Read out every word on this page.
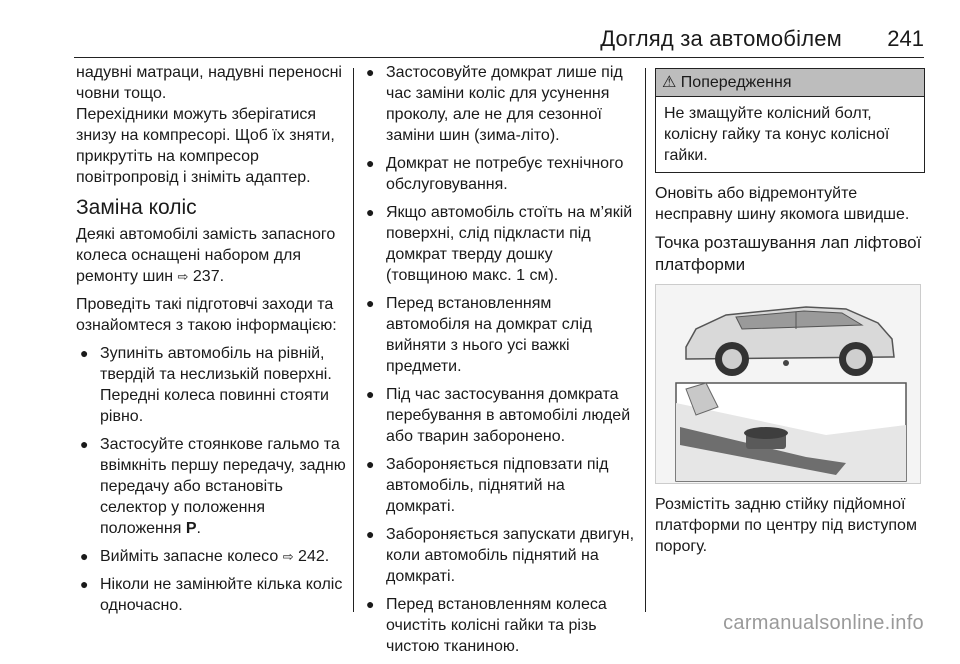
Догляд за автомобілем 241

надувні матраци, надувні переносні човни тощо.

Перехідники можуть зберігатися знизу на компресорі. Щоб їх зняти, прикрутіть на компресор повітропровід і зніміть адаптер.

Заміна коліс

Деякі автомобілі замість запасного колеса оснащені набором для ремонту шин ⇨ 237.

Проведіть такі підготовчі заходи та ознайомтеся з такою інформацією:

● Зупиніть автомобіль на рівній, твердій та неслизькій поверхні. Передні колеса повинні стояти рівно.
● Застосуйте стоянкове гальмо та ввімкніть першу передачу, задню передачу або встановіть селектор у положення положення P.
● Вийміть запасне колесо ⇨ 242.
● Ніколи не замінюйте кілька коліс одночасно.
● Застосовуйте домкрат лише під час заміни коліс для усунення проколу, але не для сезонної заміни шин (зима-літо).
● Домкрат не потребує технічного обслуговування.
● Якщо автомобіль стоїть на м’якій поверхні, слід підкласти під домкрат тверду дошку (товщиною макс. 1 см).
● Перед встановленням автомобіля на домкрат слід вийняти з нього усі важкі предмети.
● Під час застосування домкрата перебування в автомобілі людей або тварин заборонено.
● Забороняється підповзати під автомобіль, піднятий на домкраті.
● Забороняється запускати двигун, коли автомобіль піднятий на домкраті.
● Перед встановленням колеса очистіть колісні гайки та різь чистою тканиною.
⚠ Попередження
Не змащуйте колісний болт, колісну гайку та конус колісної гайки.

Оновіть або відремонтуйте несправну шину якомога швидше.

Точка розташування лап ліфтової платформи

Розмістіть задню стійку підйомної платформи по центру під виступом порогу.

carmanualsonline.info
